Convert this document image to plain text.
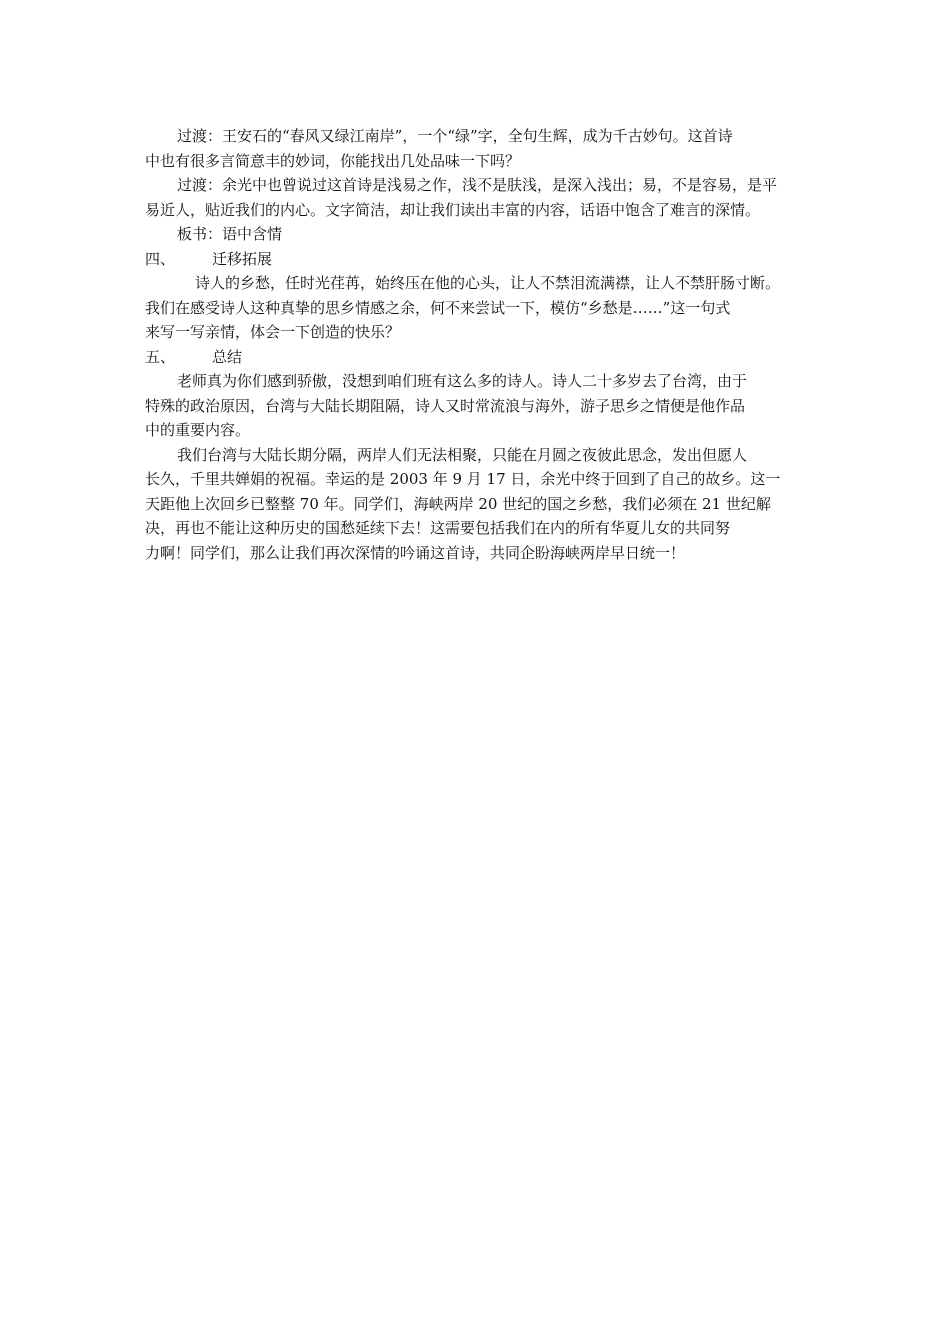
过渡：王安石的“春风又绿江南岸”，一个“绿”字，全句生辉，成为千古妙句。这首诗
中也有很多言简意丰的妙词，你能找出几处品味一下吗？
过渡：余光中也曾说过这首诗是浅易之作，浅不是肤浅，是深入浅出；易，不是容易，是平
易近人，贴近我们的内心。文字简洁，却让我们读出丰富的内容，话语中饱含了难言的深情。
板书：语中含情
四、	迁移拓展
诗人的乡愁，任时光荏苒，始终压在他的心头，让人不禁泪流满襟，让人不禁肝肠寸断。
我们在感受诗人这种真挚的思乡情感之余，何不来尝试一下，模仿“乡愁是……”这一句式
来写一写亲情，体会一下创造的快乐？
五、	总结
老师真为你们感到骄傲，没想到咱们班有这么多的诗人。诗人二十多岁去了台湾，由于
特殊的政治原因，台湾与大陆长期阻隔，诗人又时常流浪与海外，游子思乡之情便是他作品
中的重要内容。
我们台湾与大陆长期分隔，两岸人们无法相聚，只能在月圆之夜彼此思念，发出但愿人
长久，千里共婵娟的祝福。幸运的是 2003 年 9 月 17 日，余光中终于回到了自己的故乡。这一
天距他上次回乡已整整 70 年。同学们，海峡两岸 20 世纪的国之乡愁，我们必须在 21 世纪解
决，再也不能让这种历史的国愁延续下去！这需要包括我们在内的所有华夏儿女的共同努
力啊！同学们，那么让我们再次深情的吟诵这首诗，共同企盼海峡两岸早日统一！
